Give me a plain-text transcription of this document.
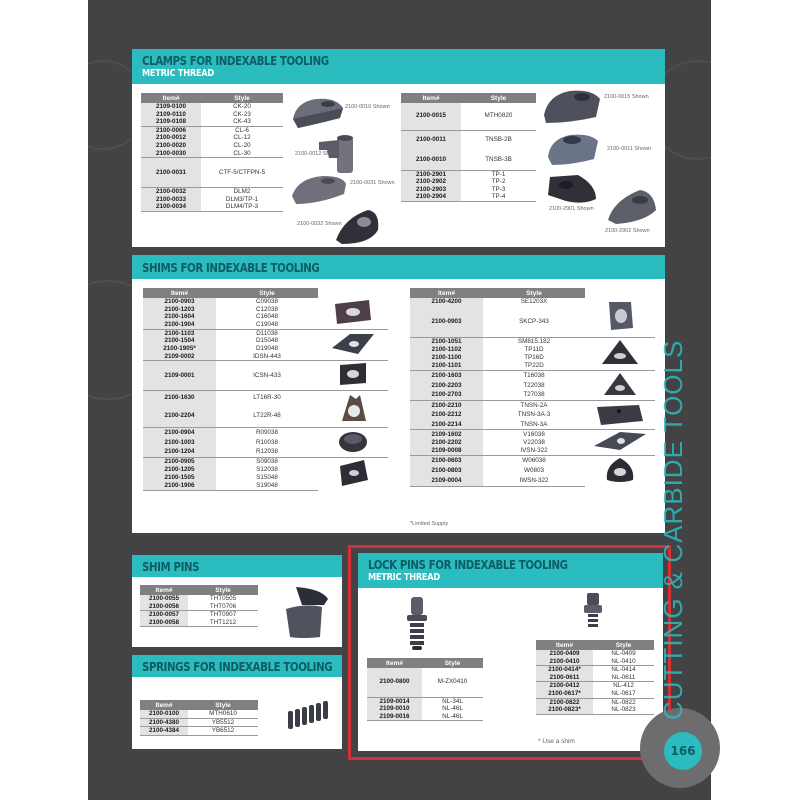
CLAMPS FOR INDEXABLE TOOLING
METRIC THREAD
Item#	Style
2109-0100	CK-20
2109-0110	CK-23
2109-0108	CK-43
2100-0006	CL-6
2100-0012	CL-12
2100-0020	CL-20
2100-0030	CL-30
2100-0031	CTF-5/CTFPN-5
2100-0032	DLM2
2100-0033	DLM3/TP-1
2100-0034	DLM4/TP-3
2100-0010 Shown
2100-0012 Shown
2100-0031 Shown
2100-0032 Shown
Item#	Style
2100-0015	MTH0820
2100-0011	TNSB-2B
2100-0010	TNSB-3B
2100-2901	TP-1
2100-2902	TP-2
2100-2903	TP-3
2100-2904	TP-4
2100-0015 Shown
2100-0011 Shown
2100-2901 Shown
2100-2902 Shown
SHIMS FOR INDEXABLE TOOLING
Item#	Style	
2100-0903	C09038	
2100-1203	C12038	
2100-1604	C16048	
2100-1904	C19048	
2100-1103	D11038	
2100-1504	D15048	
2100-1905*	D19048	
2109-0002	IDSN-443	
2109-0001	ICSN-433	
2100-1630	LT16R-30	
2100-2204	LT22R-48	
2100-0904	R09038	
2100-1003	R10038	
2100-1204	R12038	
2100-0905	S09038	
2100-1205	S12038	
2100-1505	S15048	
2100-1906	S19048	
Item#	Style	
2100-4200	SE1203X	
2100-0903	SKCP-343	
2100-1051	SM815.182	
2100-1102	TP11D	
2100-1100	TP16D	
2100-1101	TP22D	
2100-1603	T16038	
2100-2203	T22038	
2100-2703	T27038	
2100-2210	TNSN-2A	
2100-2212	TNSN-3A-3	
2100-2214	TNSN-3A	
2109-1602	V16038	
2100-2202	V22038	
2109-0008	IVSN-322	
2100-0603	W06038	
2100-0803	W0803	
2109-0004	IWSN-322	
*Limited Supply
SHIM PINS
Item#	Style
2100-0055	THT0505
2100-0056	THT0706
2100-0057	THT0907
2100-0058	THT1212
SPRINGS FOR INDEXABLE TOOLING
Item#	Style
2100-0100	MTH0610
2100-4380	YB5512
2100-4384	YB6512
LOCK PINS FOR INDEXABLE TOOLING
METRIC THREAD
Item#	Style
2100-0800	M-ZX0410
2109-0014	NL-34L
2109-0010	NL-46L
2109-0016	NL-46L
Item#	Style
2100-0409	NL-0409
2100-0410	NL-0410
2100-0414*	NL-0414
2100-0611	NL-0611
2100-0412	NL-412
2100-0617*	NL-0617
2100-0822	NL-0822
2100-0823*	NL-0823
* Use a shim
CUTTING & CARBIDE TOOLS
166
